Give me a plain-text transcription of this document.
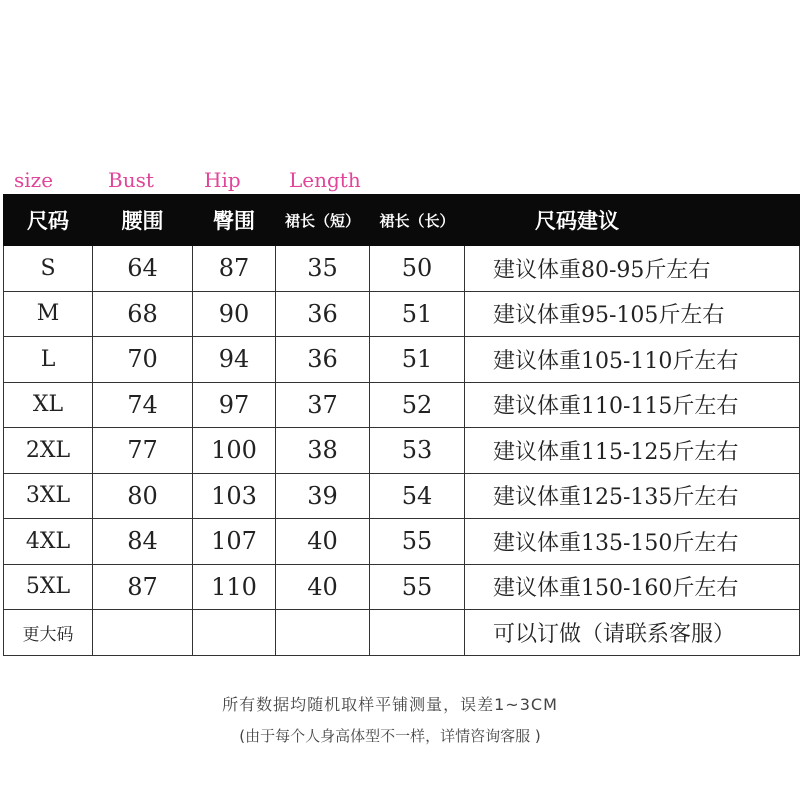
size	Bust	Hip Length
尺码	腰围	臀围	裙长（短）	裙长（长）	尺码建议
S	64	87	35	50	建议体重80-95斤左右
M	68	90	36	51	建议体重95-105斤左右
L	70	94	36	51	建议体重105-110斤左右
XL	74	97	37	52	建议体重110-115斤左右
2XL	77	100	38	53	建议体重115-125斤左右
3XL	80	103	39	54	建议体重125-135斤左右
4XL	84	107	40	55	建议体重135-150斤左右
5XL	87	110	40	55	建议体重150-160斤左右
更大码					可以订做（请联系客服）
所有数据均随机取样平铺测量，误差1~3CM
(由于每个人身高体型不一样，详情咨询客服 )
